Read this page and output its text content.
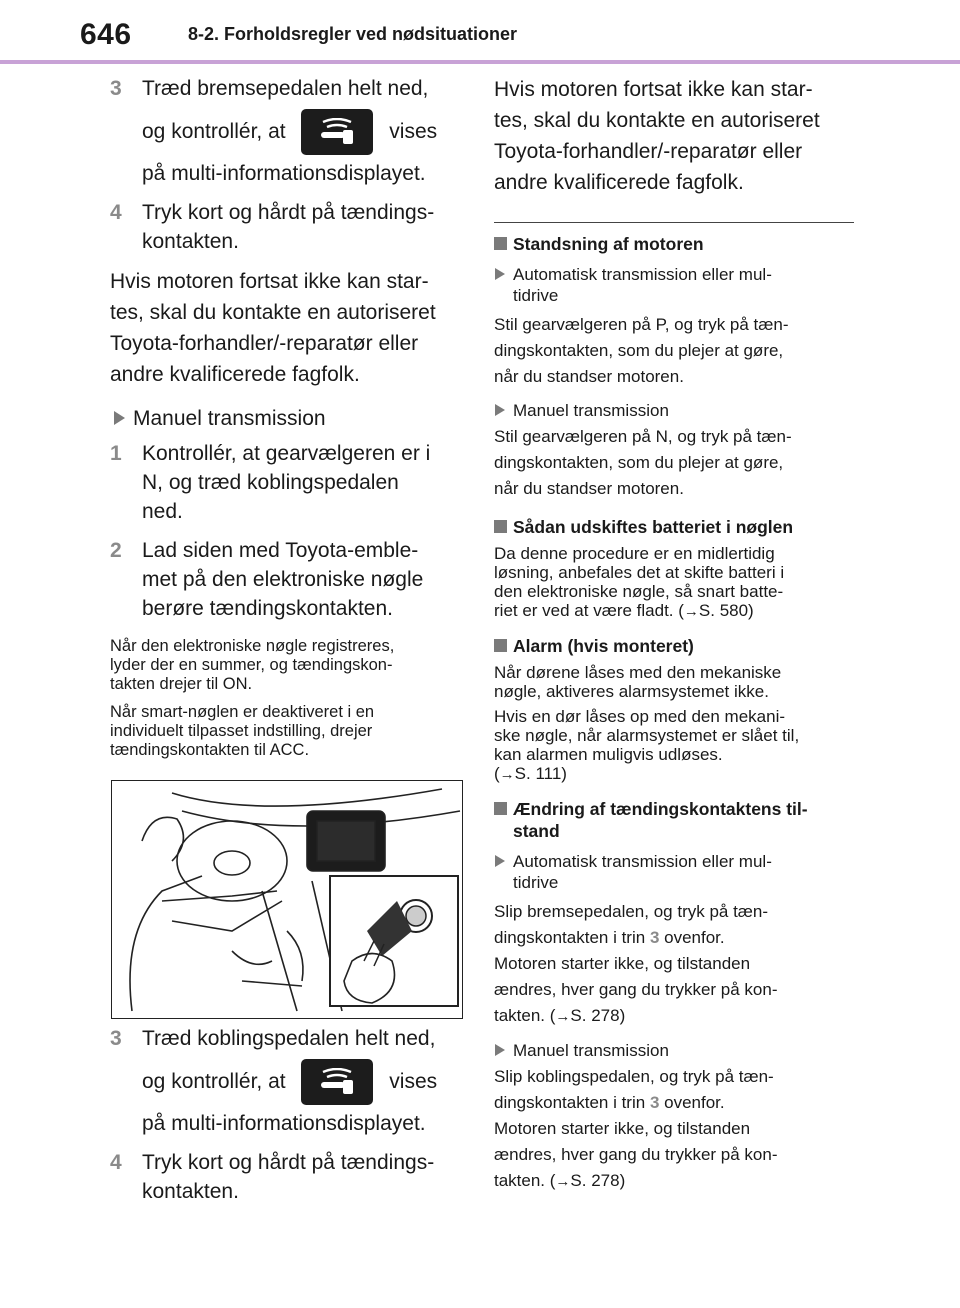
646	8-2. Forholdsregler ved nødsituationer
3 Træd bremsepedalen helt ned,
og kontrollér, at	vises
på multi-informationsdisplayet.
4 Tryk kort og hårdt på tændings-
kontakten.
Hvis motoren fortsat ikke kan star-
tes, skal du kontakte en autoriseret
Toyota-forhandler/-reparatør eller
andre kvalificerede fagfolk.
Manuel transmission
1 Kontrollér, at gearvælgeren er i
N, og træd koblingspedalen
ned.
2 Lad siden med Toyota-emble-
met på den elektroniske nøgle
berøre tændingskontakten.
Når den elektroniske nøgle registreres,
lyder der en summer, og tændingskon-
takten drejer til ON.
Når smart-nøglen er deaktiveret i en
individuelt tilpasset indstilling, drejer
tændingskontakten til ACC.
3 Træd koblingspedalen helt ned,
og kontrollér, at	vises
på multi-informationsdisplayet.
4 Tryk kort og hårdt på tændings-
kontakten.
Hvis motoren fortsat ikke kan star-
tes, skal du kontakte en autoriseret
Toyota-forhandler/-reparatør eller
andre kvalificerede fagfolk.
Standsning af motoren
Automatisk transmission eller mul-
tidrive
Stil gearvælgeren på P, og tryk på tæn-
dingskontakten, som du plejer at gøre,
når du standser motoren.
Manuel transmission
Stil gearvælgeren på N, og tryk på tæn-
dingskontakten, som du plejer at gøre,
når du standser motoren.
Sådan udskiftes batteriet i nøglen
Da denne procedure er en midlertidig
løsning, anbefales det at skifte batteri i
den elektroniske nøgle, så snart batte-
riet er ved at være fladt. (→S. 580)
Alarm (hvis monteret)
Når dørene låses med den mekaniske
nøgle, aktiveres alarmsystemet ikke.
Hvis en dør låses op med den mekani-
ske nøgle, når alarmsystemet er slået til,
kan alarmen muligvis udløses.
(→S. 111)
Ændring af tændingskontaktens til-
stand
Automatisk transmission eller mul-
tidrive
Slip bremsepedalen, og tryk på tæn-
dingskontakten i trin 3 ovenfor.
Motoren starter ikke, og tilstanden
ændres, hver gang du trykker på kon-
takten. (→S. 278)
Manuel transmission
Slip koblingspedalen, og tryk på tæn-
dingskontakten i trin 3 ovenfor.
Motoren starter ikke, og tilstanden
ændres, hver gang du trykker på kon-
takten. (→S. 278)
